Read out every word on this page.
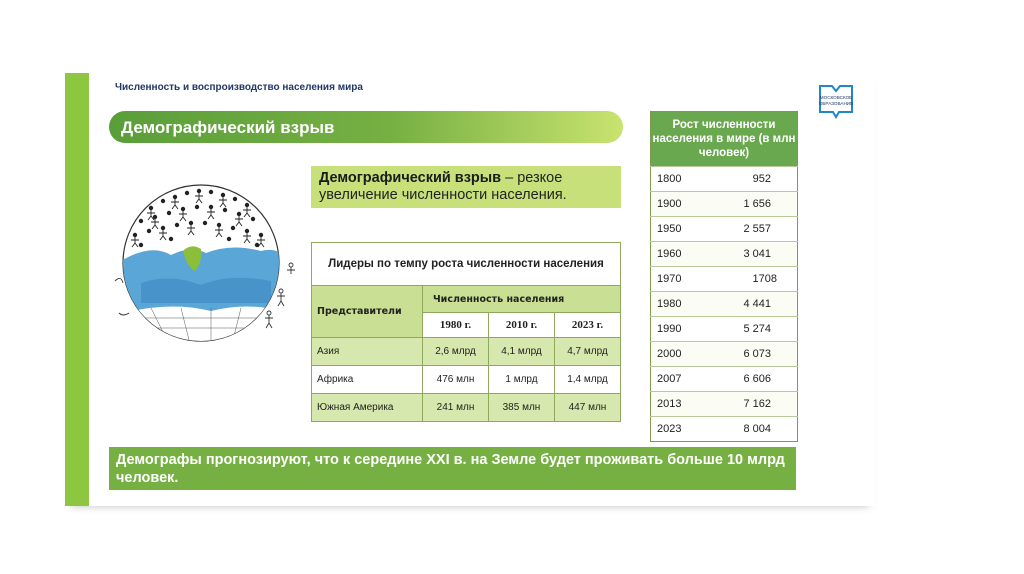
Численность и воспроизводство населения мира
МОСКОВСКОЕ
ОБРАЗОВАНИЕ
Демографический взрыв
Демографический взрыв – резкое увеличение численности населения.
Лидеры по темпу роста численности населения			
Представители	Численность населения		
	1980 г.	2010 г.	2023 г.
Азия	2,6 млрд	4,1 млрд	4,7 млрд
Африка	476 млн	1 млрд	1,4 млрд
Южная Америка	241 млн	385 млн	447 млн
Рост численности населения в мире (в млн человек)	
1800	952
1900	1 656
1950	2 557
1960	3 041
1970	1708
1980	4 441
1990	5 274
2000	6 073
2007	6 606
2013	7 162
2023	8 004
Демографы прогнозируют, что к середине XXI в. на Земле будет проживать больше 10 млрд человек.
